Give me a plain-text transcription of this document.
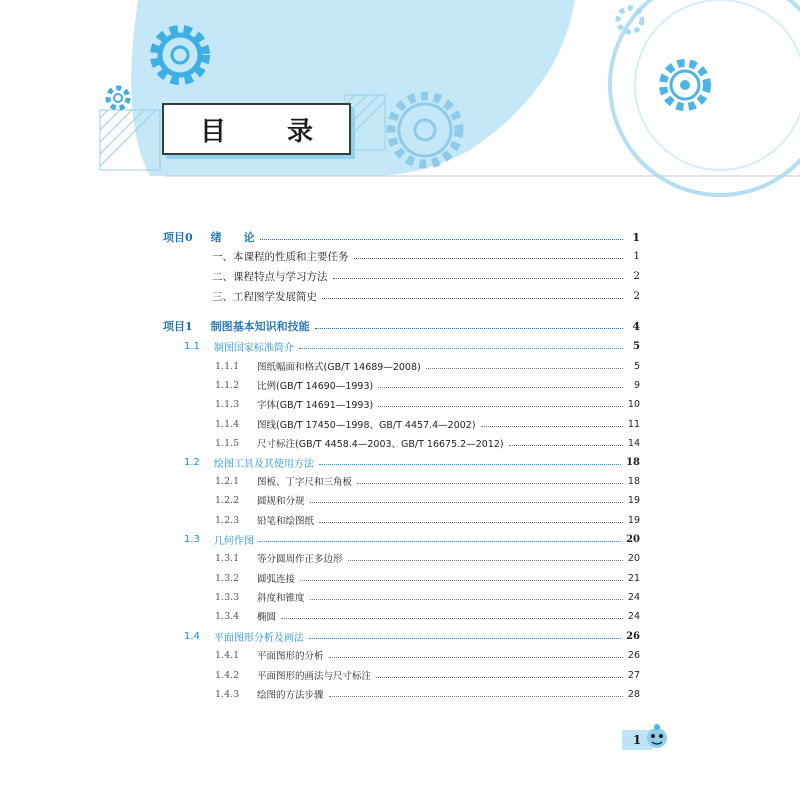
目 录
项目0 绪　　论	1
一、本课程的性质和主要任务	1
二、课程特点与学习方法	2
三、工程图学发展简史	2
项目1 制图基本知识和技能	4
1.1 制图国家标准简介	5
1.1.1	图纸幅面和格式(GB/T 14689—2008)	5
1.1.2	比例(GB/T 14690—1993)	9
1.1.3	字体(GB/T 14691—1993)	10
1.1.4	图线(GB/T 17450—1998、GB/T 4457.4—2002)	11
1.1.5	尺寸标注(GB/T 4458.4—2003、GB/T 16675.2—2012)	14
1.2 绘图工具及其使用方法	18
1.2.1	图板、丁字尺和三角板	18
1.2.2	圆规和分规	19
1.2.3	铅笔和绘图纸	19
1.3 几何作图	20
1.3.1	等分圆周作正多边形	20
1.3.2	圆弧连接	21
1.3.3	斜度和锥度	24
1.3.4	椭圆	24
1.4 平面图形分析及画法	26
1.4.1	平面图形的分析	26
1.4.2	平面图形的画法与尺寸标注	27
1.4.3	绘图的方法步骤	28
1
